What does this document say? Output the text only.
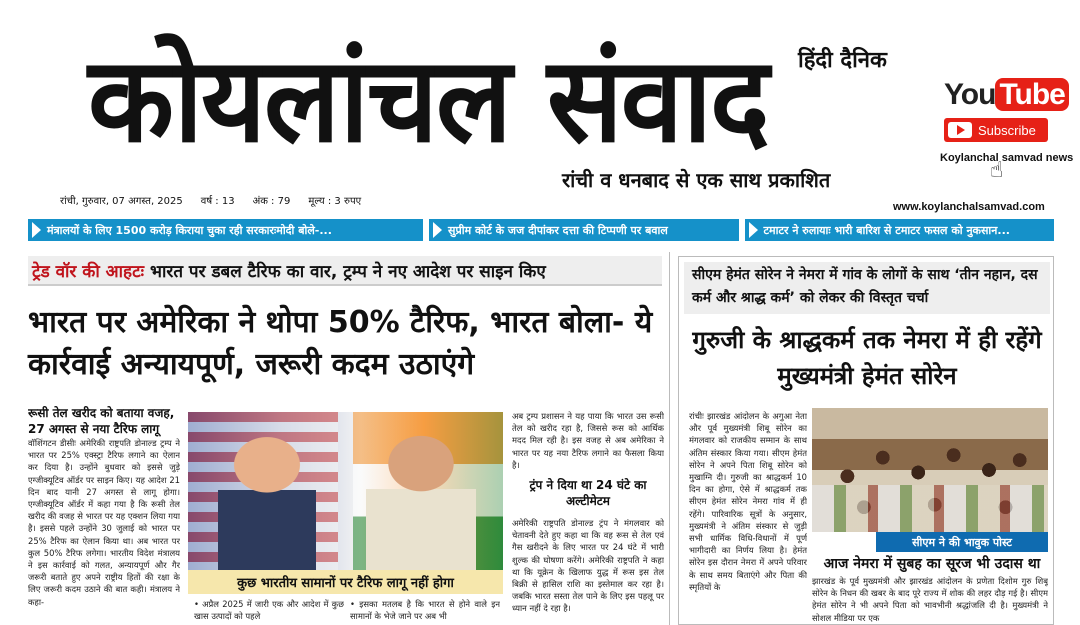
हिंदी दैनिक
कोयलांचल संवाद
रांची व धनबाद से एक साथ प्रकाशित
You Tube
Subscribe
Koylanchal samvad news
☝
रांची, गुरुवार, 07 अगस्त, 2025 वर्ष : 13 अंक : 79 मूल्य : 3 रुपए	www.koylanchalsamvad.com
मंत्रालयों के लिए 1500 करोड़ किराया चुका रही सरकारःमोदी बोले-...	सुप्रीम कोर्ट के जज दीपांकर दत्ता की टिप्पणी पर बवाल	टमाटर ने रुलायाः भारी बारिश से टमाटर फसल को नुकसान...
ट्रेड वॉर की आहटः
भारत पर डबल टैरिफ का वार, ट्रम्प ने नए आदेश पर साइन किए
भारत पर अमेरिका ने थोपा 50% टैरिफ, भारत बोला- ये कार्रवाई अन्यायपूर्ण, जरूरी कदम उठाएंगे
रूसी तेल खरीद को बताया वजह, 27 अगस्त से नया टैरिफ लागू
वॉशिंगटन डीसीः अमेरिकी राष्ट्रपति डोनाल्ड ट्रम्प ने भारत पर 25% एक्स्ट्रा टैरिफ लगाने का ऐलान कर दिया है। उन्होंने बुधवार को इससे जुड़े एग्जीक्यूटिव ऑर्डर पर साइन किए। यह आदेश 21 दिन बाद यानी 27 अगस्त से लागू होगा। एग्जीक्यूटिव ऑर्डर में कहा गया है कि रूसी तेल खरीद की वजह से भारत पर यह एक्शन लिया गया है। इससे पहले उन्होंने 30 जुलाई को भारत पर 25% टैरिफ का ऐलान किया था। अब भारत पर कुल 50% टैरिफ लगेगा। भारतीय विदेश मंत्रालय ने इस कार्रवाई को गलत, अन्यायपूर्ण और गैर जरूरी बताते हुए अपने राष्ट्रीय हितों की रक्षा के लिए जरूरी कदम उठाने की बात कही। मंत्रालय ने कहा-
कुछ भारतीय सामानों पर टैरिफ लागू नहीं होगा
• अप्रैल 2025 में जारी एक और आदेश में कुछ खास उत्पादों को पहले
• इसका मतलब है कि भारत से होने वाले इन सामानों के भेजे जाने पर अब भी
अब ट्रम्प प्रशासन ने यह पाया कि भारत उस रूसी तेल को खरीद रहा है, जिससे रूस को आर्थिक मदद मिल रही है। इस वजह से अब अमेरिका ने भारत पर यह नया टैरिफ लगाने का फैसला किया है।
ट्रंप ने दिया था 24 घंटे का अल्टीमेटम
अमेरिकी राष्ट्रपति डोनाल्ड ट्रंप ने मंगलवार को चेतावनी देते हुए कहा था कि वह रूस से तेल एवं गैस खरीदने के लिए भारत पर 24 घंटे में भारी शुल्क की घोषणा करेंगे। अमेरिकी राष्ट्रपति ने कहा था कि यूक्रेन के खिलाफ युद्ध में रूस इस तेल बिक्री से हासिल राशि का इस्तेमाल कर रहा है। जबकि भारत सस्ता तेल पाने के लिए इस पहलू पर ध्यान नहीं दे रहा है।
सीएम हेमंत सोरेन ने नेमरा में गांव के लोगों के साथ ‘तीन नहान, दस कर्म और श्राद्ध कर्म’ को लेकर की विस्तृत चर्चा
गुरुजी के श्राद्धकर्म तक नेमरा में ही रहेंगे मुख्यमंत्री हेमंत सोरेन
रांचीः झारखंड आंदोलन के अगुआ नेता और पूर्व मुख्यमंत्री शिबू सोरेन का मंगलवार को राजकीय सम्मान के साथ अंतिम संस्कार किया गया। सीएम हेमंत सोरेन ने अपने पिता शिबू सोरेन को मुखाग्नि दी। गुरुजी का श्राद्धकर्म 10 दिन का होगा, ऐसे में श्राद्धकर्म तक सीएम हेमंत सोरेन नेमरा गांव में ही रहेंगे। पारिवारिक सूत्रों के अनुसार, मुख्यमंत्री ने अंतिम संस्कार से जुड़ी सभी धार्मिक विधि-विधानों में पूर्ण भागीदारी का निर्णय लिया है। हेमंत सोरेन इस दौरान नेमरा में अपने परिवार के साथ समय बिताएंगे और पिता की स्मृतियों के
सीएम ने की भावुक पोस्ट
आज नेमरा में सुबह का सूरज भी उदास था
झारखंड के पूर्व मुख्यमंत्री और झारखंड आंदोलन के प्रणेता दिशोम गुरु शिबू सोरेन के निधन की खबर के बाद पूरे राज्य में शोक की लहर दौड़ गई है। सीएम हेमंत सोरेन ने भी अपने पिता को भावभीनी श्रद्धांजलि दी है। मुख्यमंत्री ने सोशल मीडिया पर एक
